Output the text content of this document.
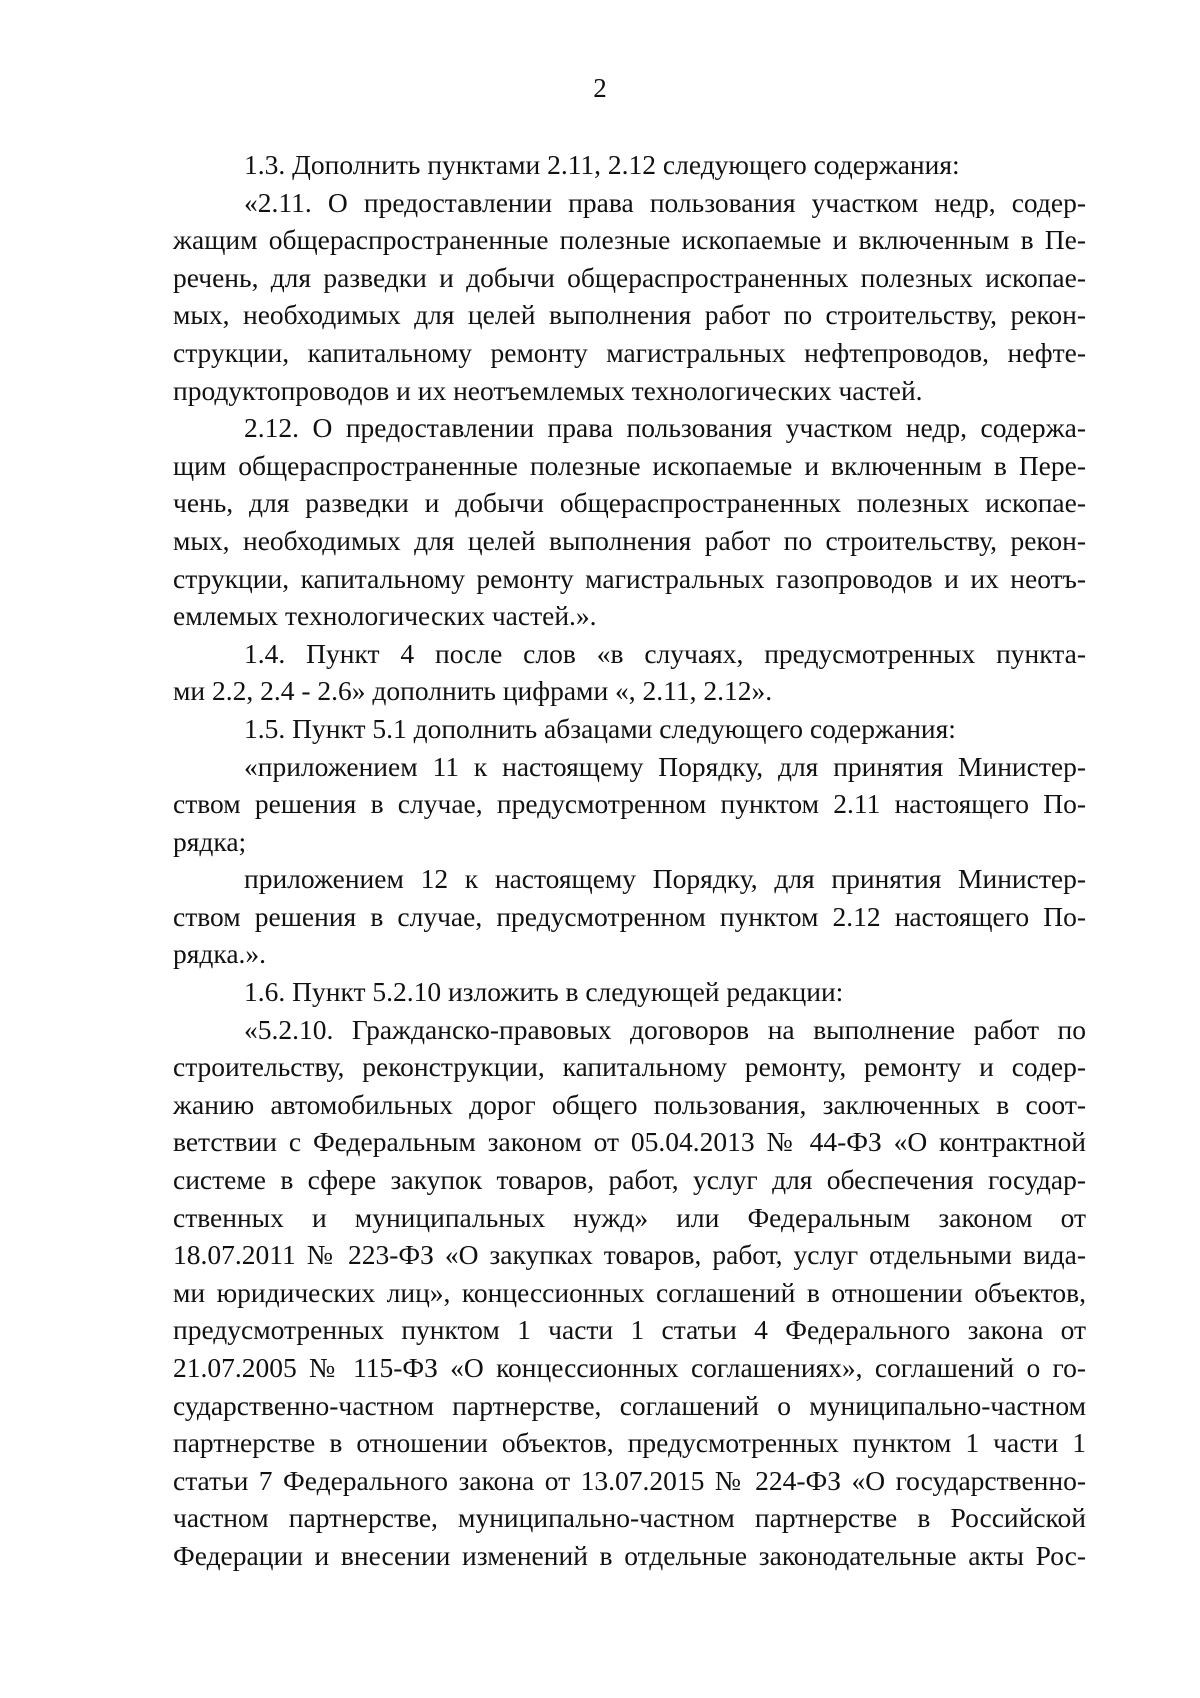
2
1.3. Дополнить пунктами 2.11, 2.12 следующего содержания:
«2.11. О предоставлении права пользования участком недр, содер-
жащим общераспространенные полезные ископаемые и включенным в Пе-
речень, для разведки и добычи общераспространенных полезных ископае-
мых, необходимых для целей выполнения работ по строительству, рекон-
струкции, капитальному ремонту магистральных нефтепроводов, нефте-
продуктопроводов и их неотъемлемых технологических частей.
2.12. О предоставлении права пользования участком недр, содержа-
щим общераспространенные полезные ископаемые и включенным в Пере-
чень, для разведки и добычи общераспространенных полезных ископае-
мых, необходимых для целей выполнения работ по строительству, рекон-
струкции, капитальному ремонту магистральных газопроводов и их неотъ-
емлемых технологических частей.».
1.4. Пункт 4 после слов «в случаях, предусмотренных пункта-
ми 2.2, 2.4 - 2.6» дополнить цифрами «, 2.11, 2.12».
1.5. Пункт 5.1 дополнить абзацами следующего содержания:
«приложением 11 к настоящему Порядку, для принятия Министер-
ством решения в случае, предусмотренном пунктом 2.11 настоящего По-
рядка;
приложением 12 к настоящему Порядку, для принятия Министер-
ством решения в случае, предусмотренном пунктом 2.12 настоящего По-
рядка.».
1.6. Пункт 5.2.10 изложить в следующей редакции:
«5.2.10. Гражданско-правовых договоров на выполнение работ по
строительству, реконструкции, капитальному ремонту, ремонту и содер-
жанию автомобильных дорог общего пользования, заключенных в соот-
ветствии с Федеральным законом от 05.04.2013 № 44-ФЗ «О контрактной
системе в сфере закупок товаров, работ, услуг для обеспечения государ-
ственных и муниципальных нужд» или Федеральным законом от
18.07.2011 № 223-ФЗ «О закупках товаров, работ, услуг отдельными вида-
ми юридических лиц», концессионных соглашений в отношении объектов,
предусмотренных пунктом 1 части 1 статьи 4 Федерального закона от
21.07.2005 № 115-ФЗ «О концессионных соглашениях», соглашений о го-
сударственно-частном партнерстве, соглашений о муниципально-частном
партнерстве в отношении объектов, предусмотренных пунктом 1 части 1
статьи 7 Федерального закона от 13.07.2015 № 224-ФЗ «О государственно-
частном партнерстве, муниципально-частном партнерстве в Российской
Федерации и внесении изменений в отдельные законодательные акты Рос-
